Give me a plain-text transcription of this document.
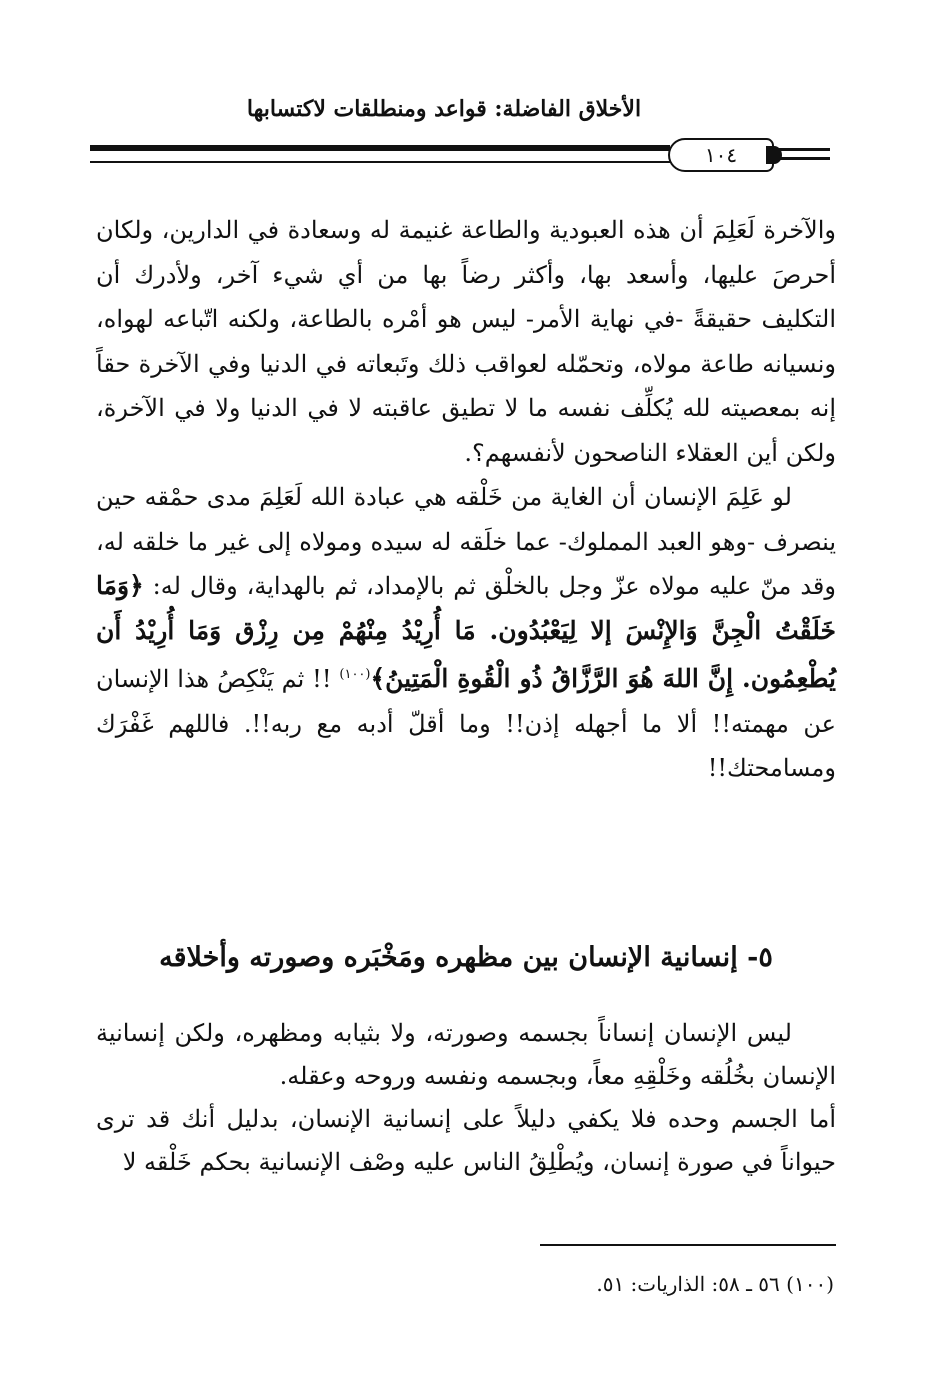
الأخلاق الفاضلة: قواعد ومنطلقات لاكتسابها
١٠٤

والآخرة لَعَلِمَ أن هذه العبودية والطاعة غنيمة له وسعادة في الدارين، ولكان أحرصَ عليها، وأسعد بها، وأكثر رضاً بها من أي شيء آخر، ولأدرك أن التكليف حقيقةً -في نهاية الأمر- ليس هو أمْره بالطاعة، ولكنه اتّباعه لهواه، ونسيانه طاعة مولاه، وتحمّله لعواقب ذلك وتَبعاته في الدنيا وفي الآخرة حقاً إنه بمعصيته لله يُكلِّف نفسه ما لا تطيق عاقبته لا في الدنيا ولا في الآخرة، ولكن أين العقلاء الناصحون لأنفسهم؟.

لو عَلِمَ الإنسان أن الغاية من خَلْقه هي عبادة الله لَعَلِمَ مدى حمْقه حين ينصرف -وهو العبد المملوك- عما خلَقه له سيده ومولاه إلى غير ما خلقه له، وقد منّ عليه مولاه عزّ وجل بالخلْق ثم بالإمداد، ثم بالهداية، وقال له: ﴿وَمَا خَلَقْتُ الْجِنَّ وَالإِنْسَ إلا لِيَعْبُدُون. مَا أُرِيْدُ مِنْهُمْ مِن رِزْق وَمَا أُرِيْدُ أَن يُطْعِمُون. إِنَّ اللهَ هُوَ الرَّزَّاقُ ذُو الْقُوةِ الْمَتِينُ﴾$^{(١٠٠)}$ !! ثم يَنْكِصُ هذا الإنسان عن مهمته!! ألا ما أجهله إذن!! وما أقلّ أدبه مع ربه!!. فاللهم غَفْرَك ومسامحتك!!

٥- إنسانية الإنسان بين مظهره ومَخْبَره وصورته وأخلاقه

ليس الإنسان إنساناً بجسمه وصورته، ولا بثيابه ومظهره، ولكن إنسانية الإنسان بخُلُقه وخَلْقِهِ معاً، وبجسمه ونفسه وروحه وعقله.

أما الجسم وحده فلا يكفي دليلاً على إنسانية الإنسان، بدليل أنك قد ترى حيواناً في صورة إنسان، ويُطْلِقُ الناس عليه وصْف الإنسانية بحكم خَلْقه لا

(١٠٠) ٥٦ ـ ٥٨: الذاريات: ٥١.
